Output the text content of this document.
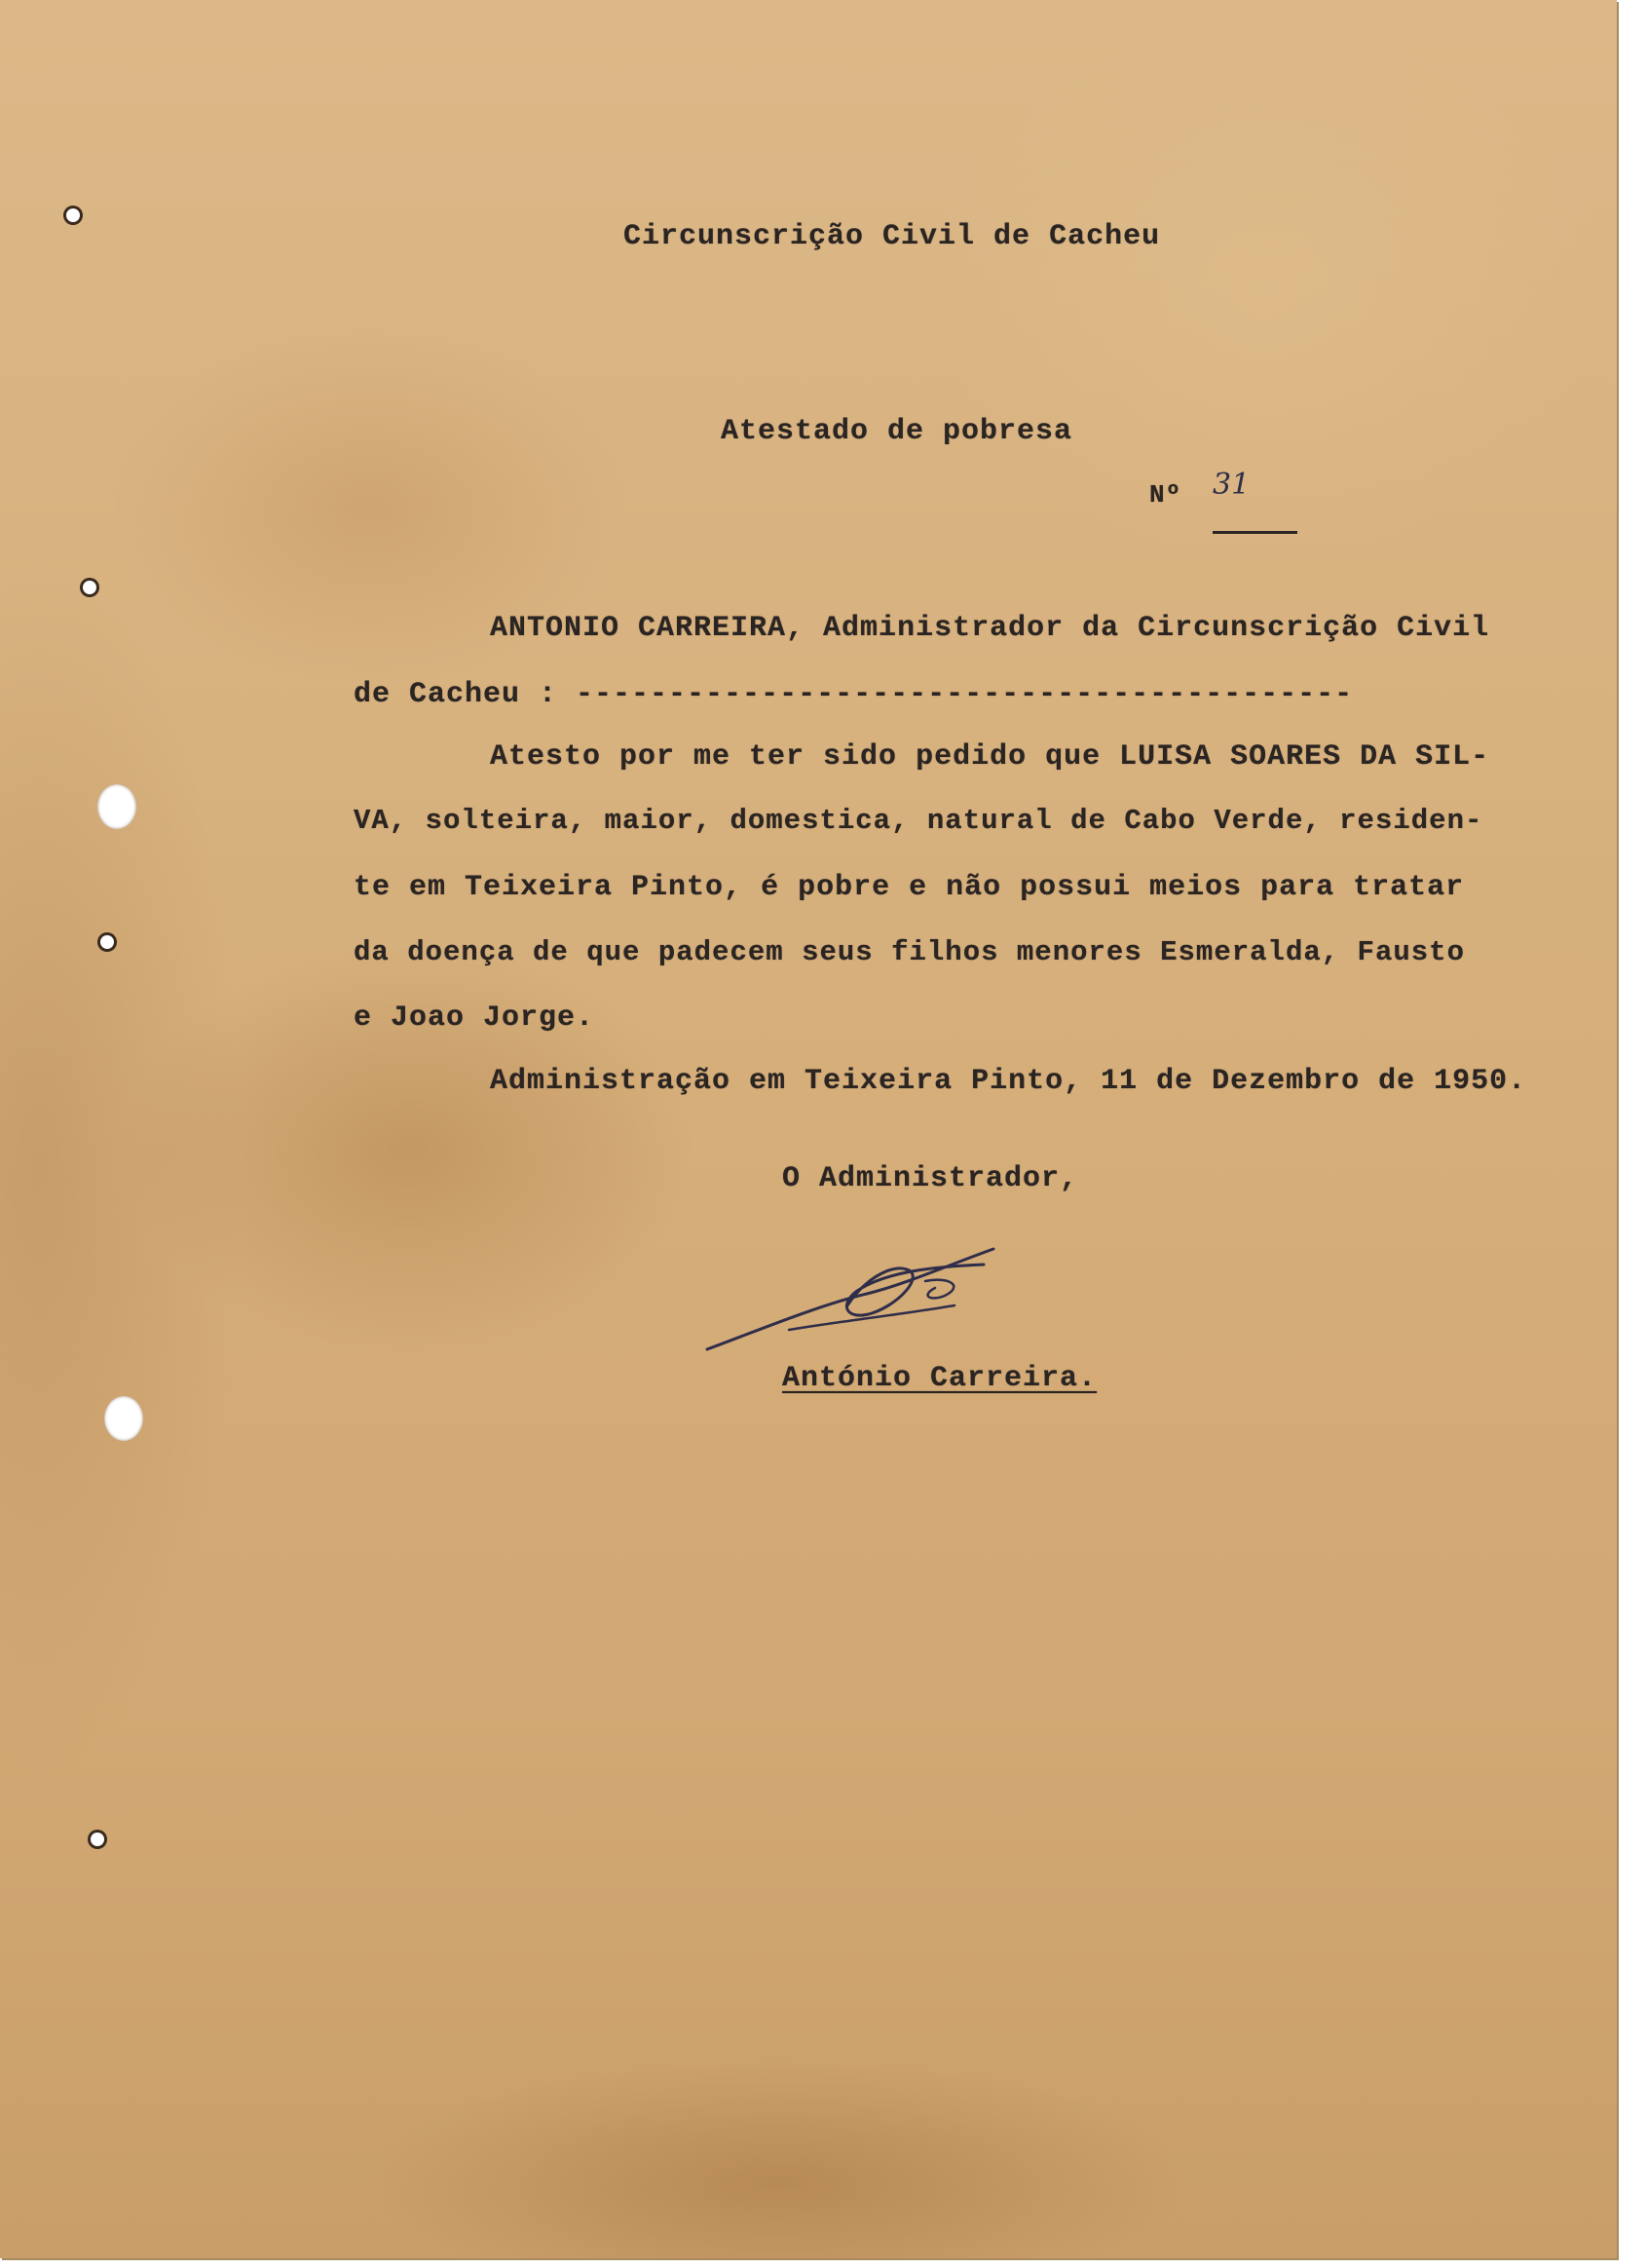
Circunscrição Civil de Cacheu
Atestado de pobresa
Nº 31
ANTONIO CARREIRA, Administrador da Circunscrição Civil
de Cacheu : ------------------------------------------
Atesto por me ter sido pedido que LUISA SOARES DA SIL-
VA, solteira, maior, domestica, natural de Cabo Verde, residen-
te em Teixeira Pinto, é pobre e não possui meios para tratar
da doença de que padecem seus filhos menores Esmeralda, Fausto
e Joao Jorge.
Administração em Teixeira Pinto, 11 de Dezembro de 1950.
O Administrador,
António Carreira.
